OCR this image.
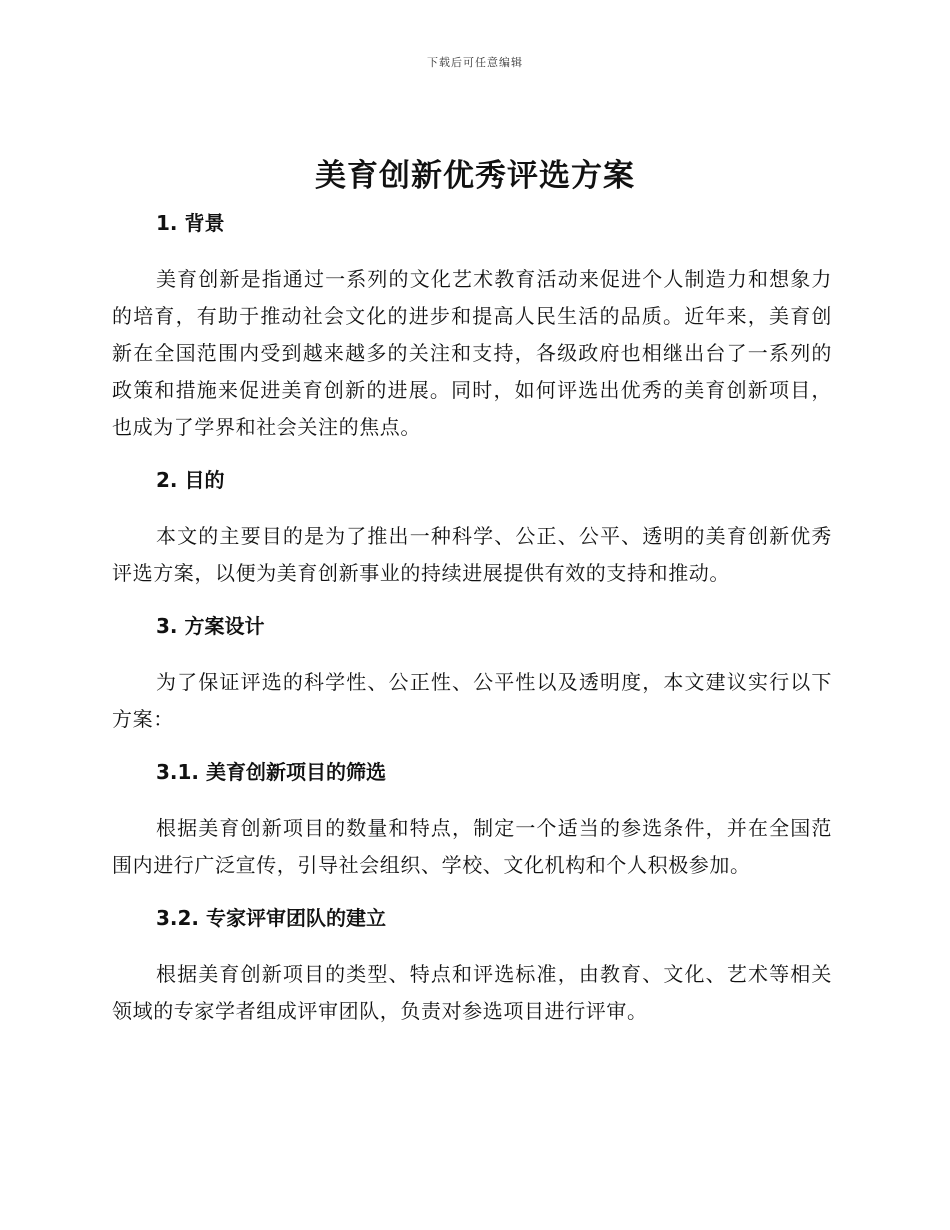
下载后可任意编辑
美育创新优秀评选方案
1. 背景

美育创新是指通过一系列的文化艺术教育活动来促进个人制造力和想象力的培育，有助于推动社会文化的进步和提高人民生活的品质。近年来，美育创新在全国范围内受到越来越多的关注和支持，各级政府也相继出台了一系列的政策和措施来促进美育创新的进展。同时，如何评选出优秀的美育创新项目，也成为了学界和社会关注的焦点。

2. 目的

本文的主要目的是为了推出一种科学、公正、公平、透明的美育创新优秀评选方案，以便为美育创新事业的持续进展提供有效的支持和推动。

3. 方案设计

为了保证评选的科学性、公正性、公平性以及透明度，本文建议实行以下方案：

3.1. 美育创新项目的筛选

根据美育创新项目的数量和特点，制定一个适当的参选条件，并在全国范围内进行广泛宣传，引导社会组织、学校、文化机构和个人积极参加。

3.2. 专家评审团队的建立

根据美育创新项目的类型、特点和评选标准，由教育、文化、艺术等相关领域的专家学者组成评审团队，负责对参选项目进行评审。
